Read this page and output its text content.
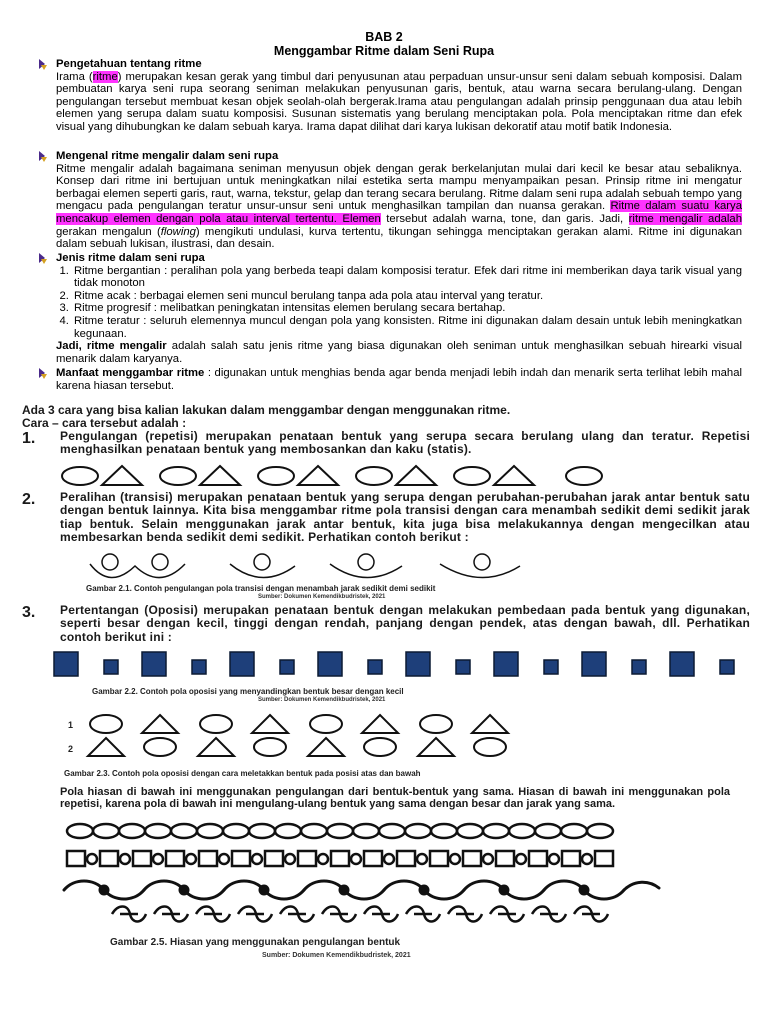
BAB 2
Menggambar Ritme dalam Seni Rupa
Pengetahuan tentang ritme

Irama (ritme) merupakan kesan gerak yang timbul dari penyusunan atau perpaduan unsur-unsur seni dalam sebuah komposisi. Dalam pembuatan karya seni rupa seorang seniman melakukan penyusunan garis, bentuk, atau warna secara berulang-ulang. Dengan pengulangan tersebut membuat kesan objek seolah-olah bergerak.Irama atau pengulangan adalah prinsip penggunaan dua atau lebih elemen yang serupa dalam suatu komposisi. Susunan sistematis yang berulang menciptakan pola. Pola menciptakan ritme dan efek visual yang dihubungkan ke dalam sebuah karya. Irama dapat dilihat dari karya lukisan dekoratif atau motif batik Indonesia.

Mengenal ritme mengalir dalam seni rupa

Ritme mengalir adalah bagaimana seniman menyusun objek dengan gerak berkelanjutan mulai dari kecil ke besar atau sebaliknya. Konsep dari ritme ini bertujuan untuk meningkatkan nilai estetika serta mampu menyampaikan pesan. Prinsip ritme ini mengatur berbagai elemen seperti garis, raut, warna, tekstur, gelap dan terang secara berulang. Ritme dalam seni rupa adalah sebuah tempo yang mengacu pada pengulangan teratur unsur-unsur seni untuk menghasilkan tampilan dan nuansa gerakan. Ritme dalam suatu karya mencakup elemen dengan pola atau interval tertentu. Elemen tersebut adalah warna, tone, dan garis. Jadi, ritme mengalir adalah gerakan mengalun (flowing) mengikuti undulasi, kurva tertentu, tikungan sehingga menciptakan gerakan alami. Ritme ini digunakan dalam sebuah lukisan, ilustrasi, dan desain.

Jenis ritme dalam seni rupa
1. Ritme bergantian : peralihan pola yang berbeda teapi dalam komposisi teratur. Efek dari ritme ini memberikan daya tarik visual yang tidak monoton
2. Ritme acak : berbagai elemen seni muncul berulang tanpa ada pola atau interval yang teratur.
3. Ritme progresif : melibatkan peningkatan intensitas elemen berulang secara bertahap.
4. Ritme teratur : seluruh elemennya muncul dengan pola yang konsisten. Ritme ini digunakan dalam desain untuk lebih meningkatkan kegunaan.

Jadi, ritme mengalir adalah salah satu jenis ritme yang biasa digunakan oleh seniman untuk menghasilkan sebuah hirearki visual menarik dalam karyanya.

Manfaat menggambar ritme : digunakan untuk menghias benda agar benda menjadi lebih indah dan menarik serta terlihat lebih mahal karena hiasan tersebut.

Ada 3 cara yang bisa kalian lakukan dalam menggambar dengan menggunakan ritme.
Cara – cara tersebut adalah :
1. Pengulangan (repetisi) merupakan penataan bentuk yang serupa secara berulang ulang dan teratur. Repetisi menghasilkan penataan bentuk yang membosankan dan kaku (statis).
2. Peralihan (transisi) merupakan penataan bentuk yang serupa dengan perubahan-perubahan jarak antar bentuk satu dengan bentuk lainnya. Kita bisa menggambar ritme pola transisi dengan cara menambah sedikit demi sedikit jarak tiap bentuk. Selain menggunakan jarak antar bentuk, kita juga bisa melakukannya dengan mengecilkan atau membesarkan benda sedikit demi sedikit. Perhatikan contoh berikut :
Gambar 2.1. Contoh pengulangan pola transisi dengan menambah jarak sedikit demi sedikit
Sumber: Dokumen Kemendikbudristek, 2021
3. Pertentangan (Oposisi) merupakan penataan bentuk dengan melakukan pembedaan pada bentuk yang digunakan, seperti besar dengan kecil, tinggi dengan rendah, panjang dengan pendek, atas dengan bawah, dll. Perhatikan contoh berikut ini :
Gambar 2.2. Contoh pola oposisi yang menyandingkan bentuk besar dengan kecil
Sumber: Dokumen Kemendikbudristek, 2021
1
2
Gambar 2.3. Contoh pola oposisi dengan cara meletakkan bentuk pada posisi atas dan bawah
Pola hiasan di bawah ini menggunakan pengulangan dari bentuk-bentuk yang sama. Hiasan di bawah ini menggunakan pola repetisi, karena pola di bawah ini mengulang-ulang bentuk yang sama dengan besar dan jarak yang sama.
Gambar 2.5. Hiasan yang menggunakan pengulangan bentuk
Sumber: Dokumen Kemendikbudristek, 2021
